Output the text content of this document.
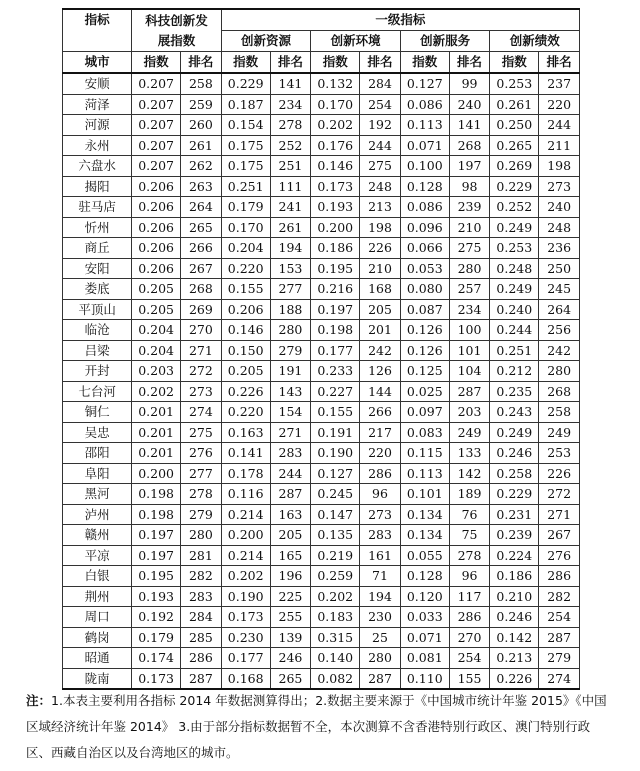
指标	科技创新发展指数		一级指标							
			创新资源		创新环境		创新服务		创新绩效	
城市	指数	排名	指数	排名	指数	排名	指数	排名	指数	排名
安顺	0.207	258	0.229	141	0.132	284	0.127	99	0.253	237
菏泽	0.207	259	0.187	234	0.170	254	0.086	240	0.261	220
河源	0.207	260	0.154	278	0.202	192	0.113	141	0.250	244
永州	0.207	261	0.175	252	0.176	244	0.071	268	0.265	211
六盘水	0.207	262	0.175	251	0.146	275	0.100	197	0.269	198
揭阳	0.206	263	0.251	111	0.173	248	0.128	98	0.229	273
驻马店	0.206	264	0.179	241	0.193	213	0.086	239	0.252	240
忻州	0.206	265	0.170	261	0.200	198	0.096	210	0.249	248
商丘	0.206	266	0.204	194	0.186	226	0.066	275	0.253	236
安阳	0.206	267	0.220	153	0.195	210	0.053	280	0.248	250
娄底	0.205	268	0.155	277	0.216	168	0.080	257	0.249	245
平顶山	0.205	269	0.206	188	0.197	205	0.087	234	0.240	264
临沧	0.204	270	0.146	280	0.198	201	0.126	100	0.244	256
吕梁	0.204	271	0.150	279	0.177	242	0.126	101	0.251	242
开封	0.203	272	0.205	191	0.233	126	0.125	104	0.212	280
七台河	0.202	273	0.226	143	0.227	144	0.025	287	0.235	268
铜仁	0.201	274	0.220	154	0.155	266	0.097	203	0.243	258
吴忠	0.201	275	0.163	271	0.191	217	0.083	249	0.249	249
邵阳	0.201	276	0.141	283	0.190	220	0.115	133	0.246	253
阜阳	0.200	277	0.178	244	0.127	286	0.113	142	0.258	226
黑河	0.198	278	0.116	287	0.245	96	0.101	189	0.229	272
泸州	0.198	279	0.214	163	0.147	273	0.134	76	0.231	271
赣州	0.197	280	0.200	205	0.135	283	0.134	75	0.239	267
平凉	0.197	281	0.214	165	0.219	161	0.055	278	0.224	276
白银	0.195	282	0.202	196	0.259	71	0.128	96	0.186	286
荆州	0.193	283	0.190	225	0.202	194	0.120	117	0.210	282
周口	0.192	284	0.173	255	0.183	230	0.033	286	0.246	254
鹤岗	0.179	285	0.230	139	0.315	25	0.071	270	0.142	287
昭通	0.174	286	0.177	246	0.140	280	0.081	254	0.213	279
陇南	0.173	287	0.168	265	0.082	287	0.110	155	0.226	274
注：1.本表主要利用各指标 2014 年数据测算得出；2.数据主要来源于《中国城市统计年鉴 2015》《中国区域经济统计年鉴 2014》 3.由于部分指标数据暂不全，本次测算不含香港特别行政区、澳门特别行政区、西藏自治区以及台湾地区的城市。
